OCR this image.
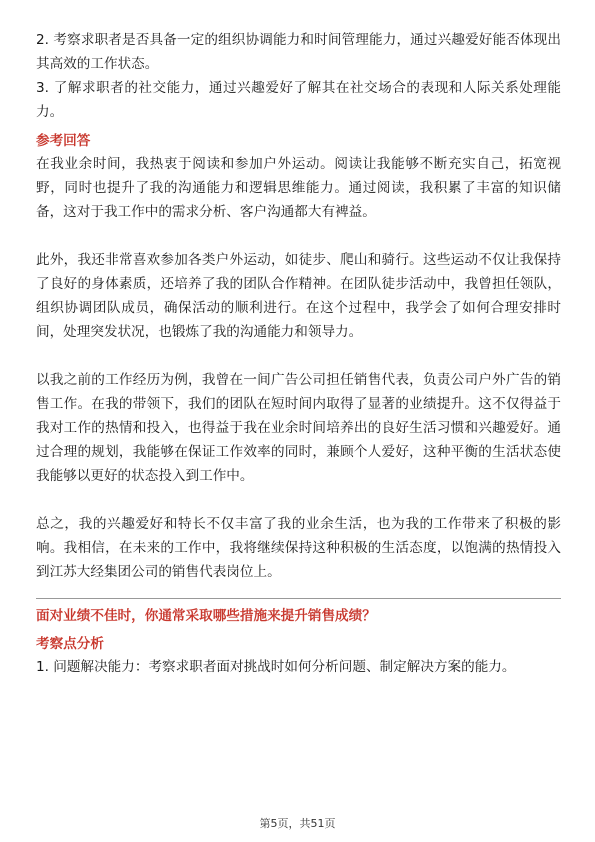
2. 考察求职者是否具备一定的组织协调能力和时间管理能力，通过兴趣爱好能否体现出其高效的工作状态。

3. 了解求职者的社交能力，通过兴趣爱好了解其在社交场合的表现和人际关系处理能力。

参考回答

在我业余时间，我热衷于阅读和参加户外运动。阅读让我能够不断充实自己，拓宽视野，同时也提升了我的沟通能力和逻辑思维能力。通过阅读，我积累了丰富的知识储备，这对于我工作中的需求分析、客户沟通都大有裨益。

此外，我还非常喜欢参加各类户外运动，如徒步、爬山和骑行。这些运动不仅让我保持了良好的身体素质，还培养了我的团队合作精神。在团队徒步活动中，我曾担任领队，组织协调团队成员，确保活动的顺利进行。在这个过程中，我学会了如何合理安排时间，处理突发状况，也锻炼了我的沟通能力和领导力。

以我之前的工作经历为例，我曾在一间广告公司担任销售代表，负责公司户外广告的销售工作。在我的带领下，我们的团队在短时间内取得了显著的业绩提升。这不仅得益于我对工作的热情和投入，也得益于我在业余时间培养出的良好生活习惯和兴趣爱好。通过合理的规划，我能够在保证工作效率的同时，兼顾个人爱好，这种平衡的生活状态使我能够以更好的状态投入到工作中。

总之，我的兴趣爱好和特长不仅丰富了我的业余生活，也为我的工作带来了积极的影响。我相信，在未来的工作中，我将继续保持这种积极的生活态度，以饱满的热情投入到江苏大经集团公司的销售代表岗位上。

面对业绩不佳时，你通常采取哪些措施来提升销售成绩？

考察点分析

1. 问题解决能力：考察求职者面对挑战时如何分析问题、制定解决方案的能力。

第5页，共51页
